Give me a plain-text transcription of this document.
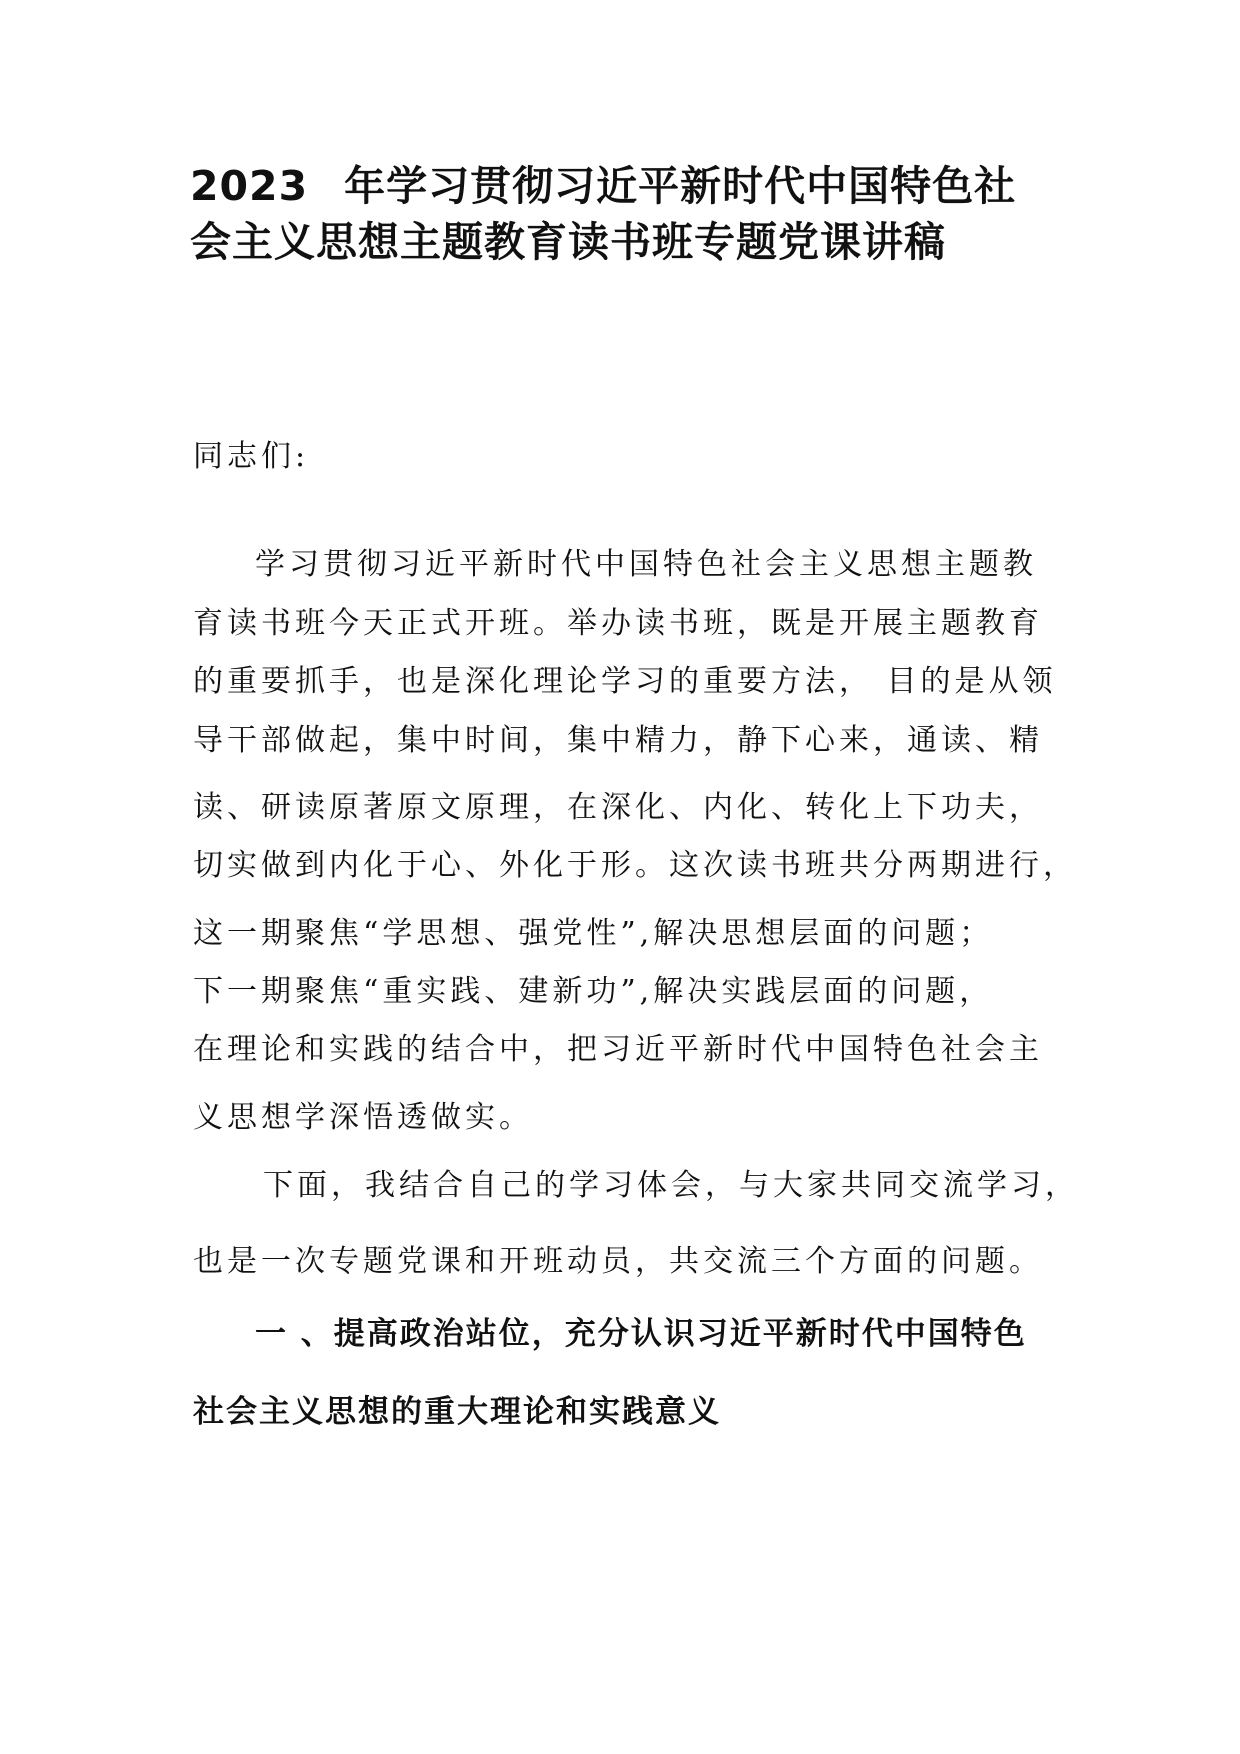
2023 年学习贯彻习近平新时代中国特色社
会主义思想主题教育读书班专题党课讲稿

同志们:

学习贯彻习近平新时代中国特色社会主义思想主题教

育读书班今天正式开班。举办读书班，既是开展主题教育

的重要抓手，也是深化理论学习的重要方法， 目的是从领

导干部做起，集中时间，集中精力，静下心来，通读、精

读、研读原著原文原理，在深化、内化、转化上下功夫，

切实做到内化于心、外化于形。这次读书班共分两期进行，

这一期聚焦“学思想、强党性”,解决思想层面的问题；

下一期聚焦“重实践、建新功”,解决实践层面的问题，

在理论和实践的结合中，把习近平新时代中国特色社会主

义思想学深悟透做实。

下面，我结合自己的学习体会，与大家共同交流学习，

也是一次专题党课和开班动员，共交流三个方面的问题。

一 、提高政治站位，充分认识习近平新时代中国特色

社会主义思想的重大理论和实践意义
